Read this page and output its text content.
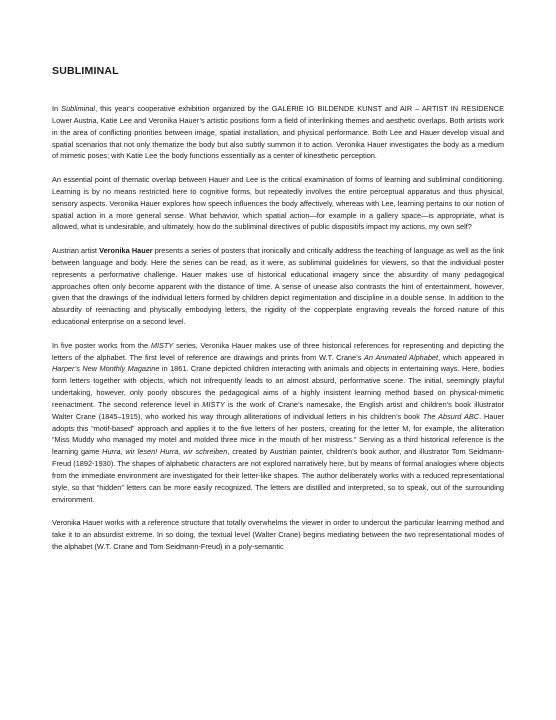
SUBLIMINAL

In Subliminal, this year’s cooperative exhibition organized by the GALERIE IG BILDENDE KUNST and AIR – ARTIST IN RESIDENCE Lower Austria, Katie Lee and Veronika Hauer’s artistic positions form a field of interlinking themes and aesthetic overlaps. Both artists work in the area of conflicting priorities between image, spatial installation, and physical performance. Both Lee and Hauer develop visual and spatial scenarios that not only thematize the body but also subtly summon it to action. Veronika Hauer investigates the body as a medium of mimetic poses; with Katie Lee the body functions essentially as a center of kinesthetic perception.

An essential point of thematic overlap between Hauer and Lee is the critical examination of forms of learning and subliminal conditioning. Learning is by no means restricted here to cognitive forms, but repeatedly involves the entire perceptual apparatus and thus physical, sensory aspects. Veronika Hauer explores how speech influences the body affectively, whereas with Lee, learning pertains to our notion of spatial action in a more general sense. What behavior, which spatial action—for example in a gallery space—is appropriate, what is allowed, what is undesirable, and ultimately, how do the subliminal directives of public dispositifs impact my actions, my own self?

Austrian artist Veronika Hauer presents a series of posters that ironically and critically address the teaching of language as well as the link between language and body. Here the series can be read, as it were, as subliminal guidelines for viewers, so that the individual poster represents a performative challenge. Hauer makes use of historical educational imagery since the absurdity of many pedagogical approaches often only become apparent with the distance of time. A sense of unease also contrasts the hint of entertainment, however, given that the drawings of the individual letters formed by children depict regimentation and discipline in a double sense. In addition to the absurdity of reenacting and physically embodying letters, the rigidity of the copperplate engraving reveals the forced nature of this educational enterprise on a second level.

In five poster works from the MISTY series, Veronika Hauer makes use of three historical references for representing and depicting the letters of the alphabet. The first level of reference are drawings and prints from W.T. Crane’s An Animated Alphabet, which appeared in Harper’s New Monthly Magazine in 1861. Crane depicted children interacting with animals and objects in entertaining ways. Here, bodies form letters together with objects, which not infrequently leads to an almost absurd, performative scene. The initial, seemingly playful undertaking, however, only poorly obscures the pedagogical aims of a highly insistent learning method based on physical-mimetic reenactment. The second reference level in MISTY is the work of Crane’s namesake, the English artist and children’s book illustrator Walter Crane (1845–1915), who worked his way through alliterations of individual letters in his children’s book The Absurd ABC. Hauer adopts this “motif-based” approach and applies it to the five letters of her posters, creating for the letter M, for example, the alliteration “Miss Muddy who managed my motel and molded three mice in the mouth of her mistress.” Serving as a third historical reference is the learning game Hurra, wir lesen! Hurra, wir schreiben, created by Austrian painter, children’s book author, and illustrator Tom Seidmann-Freud (1892-1930). The shapes of alphabetic characters are not explored narratively here, but by means of formal analogies where objects from the immediate environment are investigated for their letter-like shapes. The author deliberately works with a reduced representational style, so that “hidden” letters can be more easily recognized. The letters are distilled and interpreted, so to speak, out of the surrounding environment.

Veronika Hauer works with a reference structure that totally overwhelms the viewer in order to undercut the particular learning method and take it to an absurdist extreme. In so doing, the textual level (Walter Crane) begins mediating between the two representational modes of the alphabet (W.T. Crane and Tom Seidmann-Freud) in a poly-semantic
